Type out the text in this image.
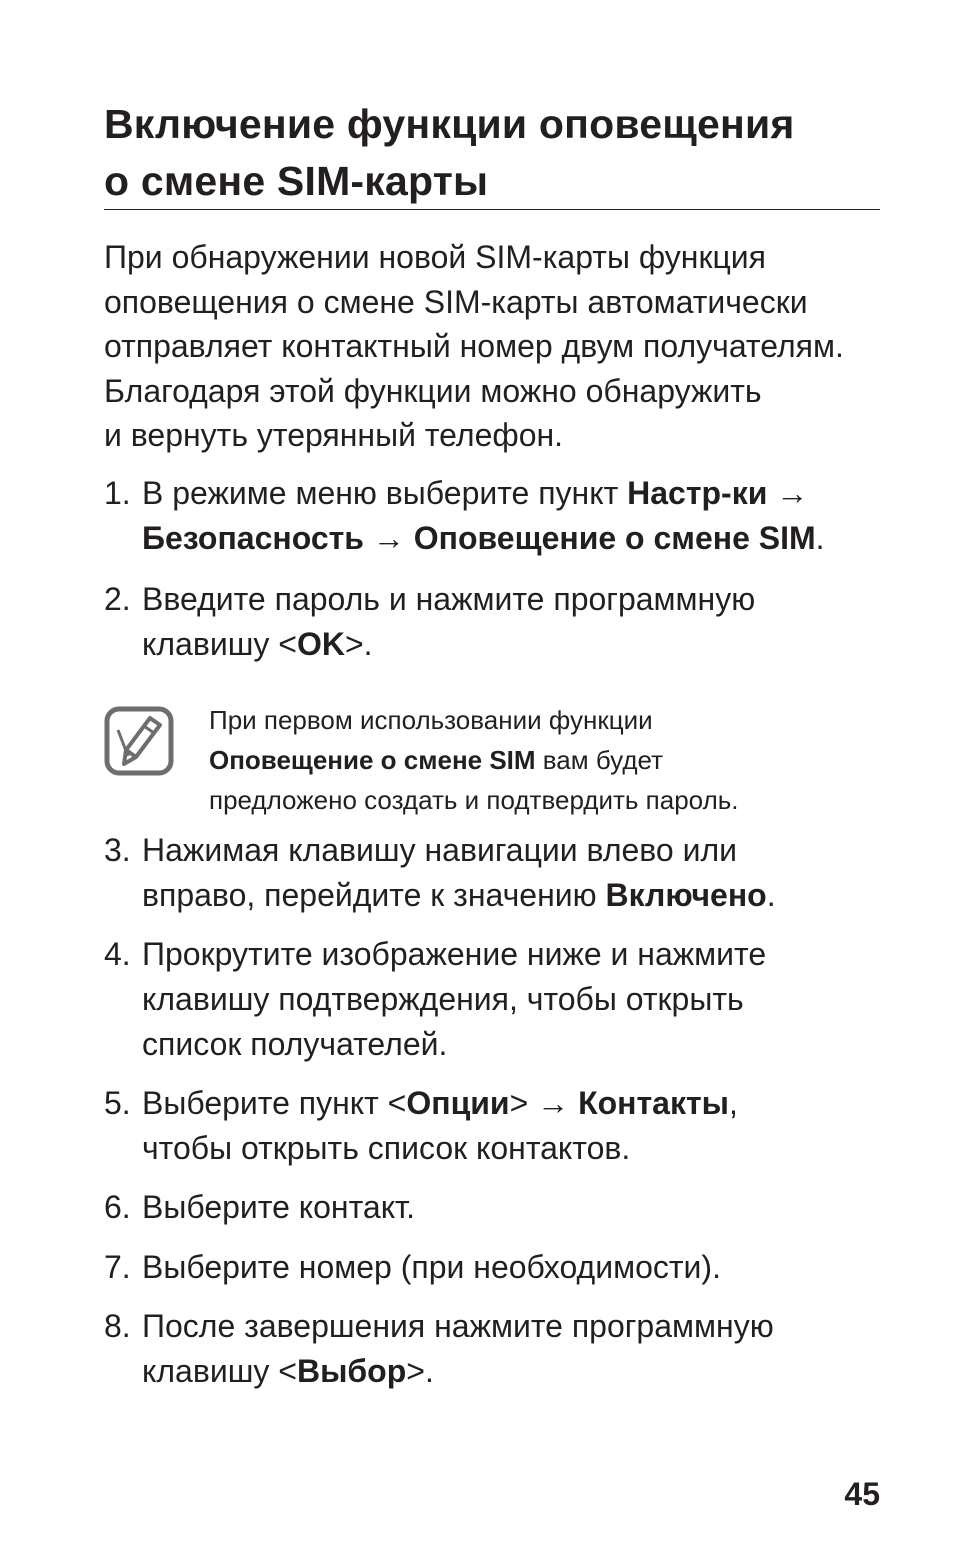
Включение функции оповещения
о смене SIM-карты
При обнаружении новой SIM-карты функция
оповещения о смене SIM-карты автоматически
отправляет контактный номер двум получателям.
Благодаря этой функции можно обнаружить
и вернуть утерянный телефон.
1. В режиме меню выберите пункт Настр-ки →
Безопасность → Оповещение о смене SIM.
2. Введите пароль и нажмите программную
клавишу <OK>.
При первом использовании функции
Оповещение о смене SIM вам будет
предложено создать и подтвердить пароль.
3. Нажимая клавишу навигации влево или
вправо, перейдите к значению Включено.
4. Прокрутите изображение ниже и нажмите
клавишу подтверждения, чтобы открыть
список получателей.
5. Выберите пункт <Опции> → Контакты,
чтобы открыть список контактов.
6. Выберите контакт.
7. Выберите номер (при необходимости).
8. После завершения нажмите программную
клавишу <Выбор>.
45
